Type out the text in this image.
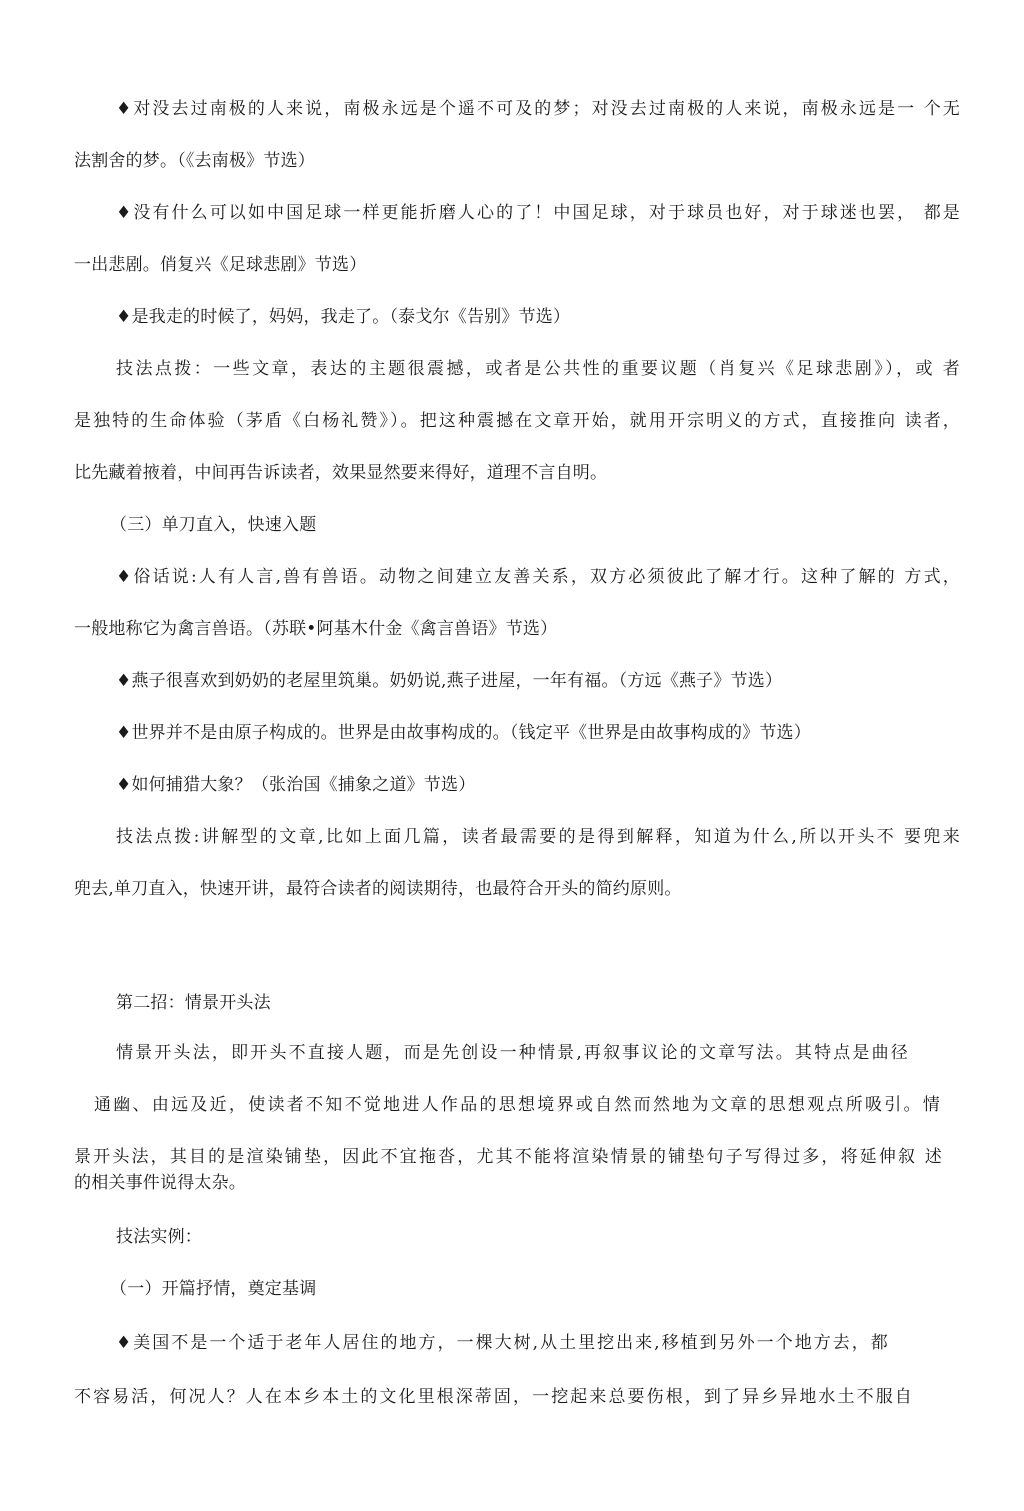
♦对没去过南极的人来说，南极永远是个遥不可及的梦；对没去过南极的人来说，南极永远是一 个无
法割舍的梦。（《去南极》节选）
♦没有什么可以如中国足球一样更能折磨人心的了！中国足球，对于球员也好，对于球迷也罢， 都是
一出悲剧。俏复兴《足球悲剧》节选）
♦是我走的时候了，妈妈，我走了。（泰戈尔《告别》节选）
技法点拨：一些文章，表达的主题很震撼，或者是公共性的重要议题（肖复兴《足球悲剧》），或 者
是独特的生命体验（茅盾《白杨礼赞》）。把这种震撼在文章开始，就用开宗明义的方式，直接推向 读者，
比先藏着掖着，中间再告诉读者，效果显然要来得好，道理不言自明。
（三）单刀直入，快速入题
♦俗话说:人有人言,兽有兽语。动物之间建立友善关系，双方必须彼此了解才行。这种了解的 方式，
一般地称它为禽言兽语。（苏联•阿基木什金《禽言兽语》节选）
♦燕子很喜欢到奶奶的老屋里筑巢。奶奶说,燕子进屋，一年有福。（方远《燕子》节选）
♦世界并不是由原子构成的。世界是由故事构成的。（钱定平《世界是由故事构成的》节选）
♦如何捕猎大象？（张治国《捕象之道》节选）
技法点拨:讲解型的文章,比如上面几篇，读者最需要的是得到解释，知道为什么,所以开头不 要兜来
兜去,单刀直入，快速开讲，最符合读者的阅读期待，也最符合开头的简约原则。
第二招：情景开头法
情景开头法，即开头不直接人题，而是先创设一种情景,再叙事议论的文章写法。其特点是曲径
通幽、由远及近，使读者不知不觉地进人作品的思想境界或自然而然地为文章的思想观点所吸引。情
景开头法，其目的是渲染铺垫，因此不宜拖沓，尤其不能将渲染情景的铺垫句子写得过多，将延伸叙 述
的相关事件说得太杂。
技法实例：
（一）开篇抒情，奠定基调
♦美国不是一个适于老年人居住的地方，一棵大树,从土里挖出来,移植到另外一个地方去，都
不容易活，何况人？人在本乡本土的文化里根深蒂固，一挖起来总要伤根，到了异乡异地水土不服自
